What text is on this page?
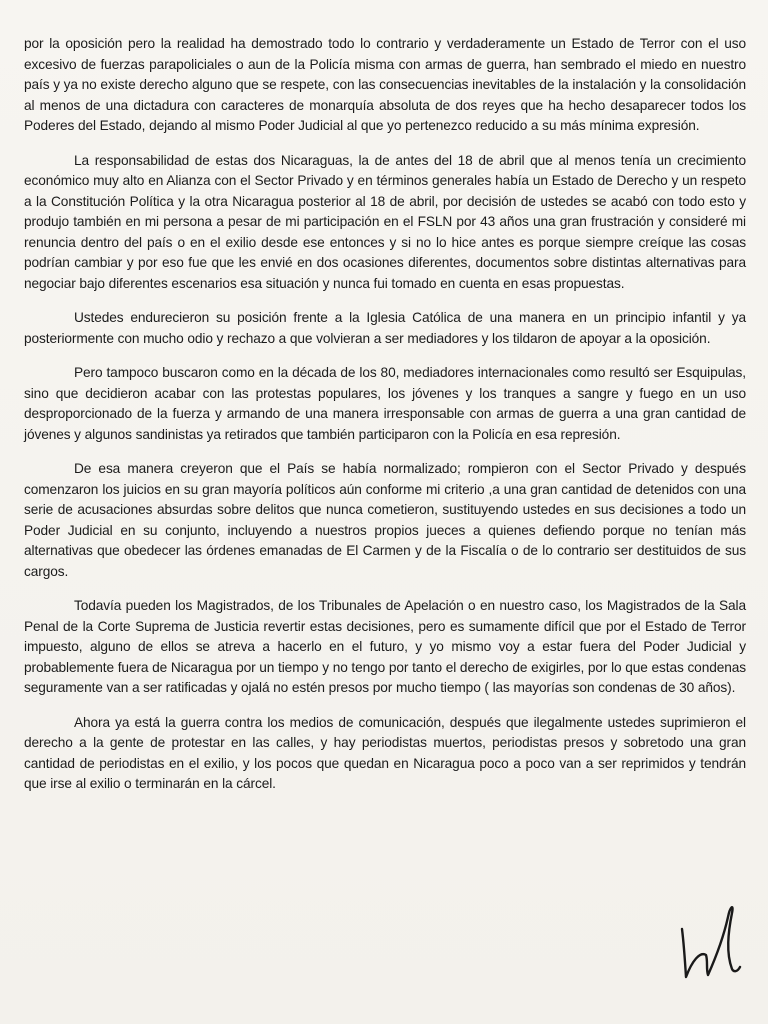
por la oposición pero la realidad ha demostrado todo lo contrario y verdaderamente un Estado de Terror con el uso excesivo de fuerzas parapoliciales o aun de la Policía misma con armas de guerra, han sembrado el miedo en nuestro país y ya no existe derecho alguno que se respete, con las consecuencias inevitables de la instalación y la consolidación al menos de una dictadura con caracteres de monarquía absoluta de dos reyes que ha hecho desaparecer todos los Poderes del Estado, dejando al mismo Poder Judicial al que yo pertenezco reducido a su más mínima expresión.

La responsabilidad de estas dos Nicaraguas, la de antes del 18 de abril que al menos tenía un crecimiento económico muy alto en Alianza con el Sector Privado y en términos generales había un Estado de Derecho y un respeto a la Constitución Política y la otra Nicaragua posterior al 18 de abril, por decisión de ustedes se acabó con todo esto y produjo también en mi persona a pesar de mi participación en el FSLN por 43 años una gran frustración y consideré mi renuncia dentro del país o en el exilio desde ese entonces y si no lo hice antes es porque siempre creíque las cosas podrían cambiar y por eso fue que les envié en dos ocasiones diferentes, documentos sobre distintas alternativas para negociar bajo diferentes escenarios esa situación y nunca fui tomado en cuenta en esas propuestas.

Ustedes endurecieron su posición frente a la Iglesia Católica de una manera en un principio infantil y ya posteriormente con mucho odio y rechazo a que volvieran a ser mediadores y los tildaron de apoyar a la oposición.

Pero tampoco buscaron como en la década de los 80, mediadores internacionales como resultó ser Esquipulas, sino que decidieron acabar con las protestas populares, los jóvenes y los tranques a sangre y fuego en un uso desproporcionado de la fuerza y armando de una manera irresponsable con armas de guerra a una gran cantidad de jóvenes y algunos sandinistas ya retirados que también participaron con la Policía en esa represión.

De esa manera creyeron que el País se había normalizado; rompieron con el Sector Privado y después comenzaron los juicios en su gran mayoría políticos aún conforme mi criterio ,a una gran cantidad de detenidos con una serie de acusaciones absurdas sobre delitos que nunca cometieron, sustituyendo ustedes en sus decisiones a todo un Poder Judicial en su conjunto, incluyendo a nuestros propios jueces a quienes defiendo porque no tenían más alternativas que obedecer las órdenes emanadas de El Carmen y de la Fiscalía o de lo contrario ser destituidos de sus cargos.

Todavía pueden los Magistrados, de los Tribunales de Apelación o en nuestro caso, los Magistrados de la Sala Penal de la Corte Suprema de Justicia revertir estas decisiones, pero es sumamente difícil que por el Estado de Terror impuesto, alguno de ellos se atreva a hacerlo en el futuro, y yo mismo voy a estar fuera del Poder Judicial y probablemente fuera de Nicaragua por un tiempo y no tengo por tanto el derecho de exigirles, por lo que estas condenas seguramente van a ser ratificadas y ojalá no estén presos por mucho tiempo ( las mayorías son condenas de 30 años).

Ahora ya está la guerra contra los medios de comunicación, después que ilegalmente ustedes suprimieron el derecho a la gente de protestar en las calles, y hay periodistas muertos, periodistas presos y sobretodo una gran cantidad de periodistas en el exilio, y los pocos que quedan en Nicaragua poco a poco van a ser reprimidos y tendrán que irse al exilio o terminarán en la cárcel.
